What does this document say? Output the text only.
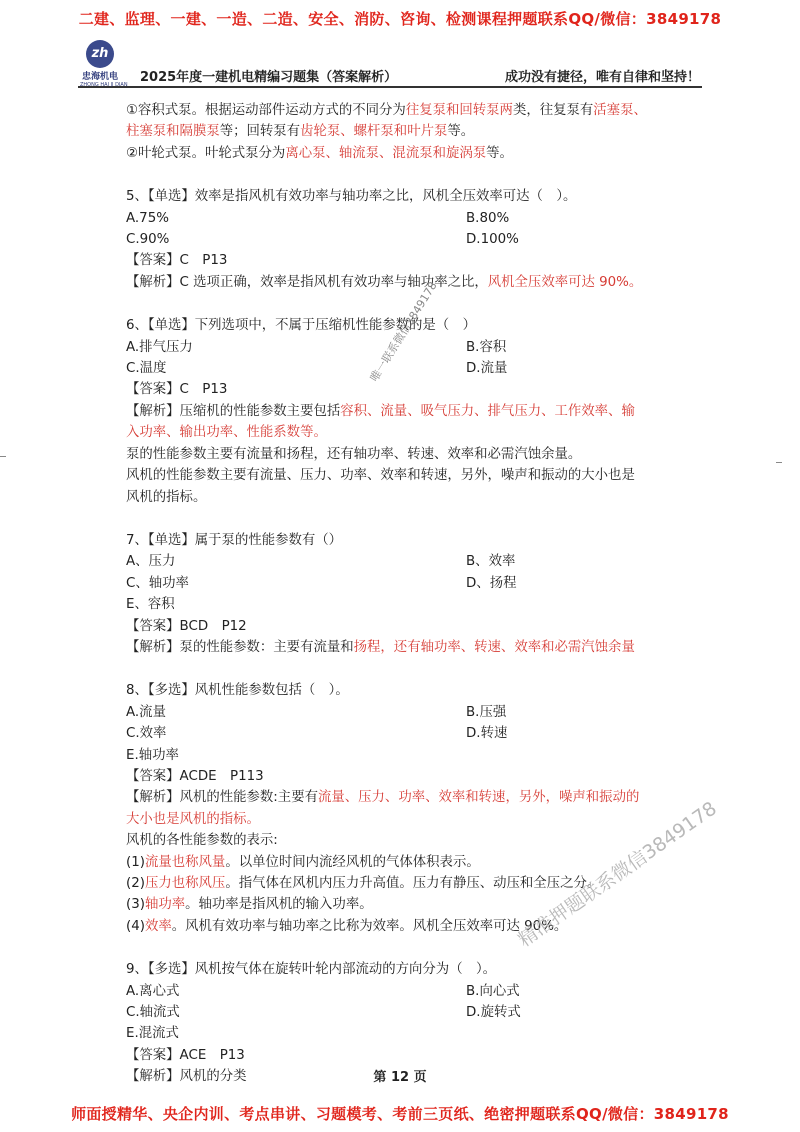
二建、监理、一建、一造、二造、安全、消防、咨询、检测课程押题联系QQ/微信：3849178
zh
忠海机电
ZHONG HAI JI DIAN 2025年度一建机电精编习题集（答案解析）	成功没有捷径，唯有自律和坚持！

①容积式泵。根据运动部件运动方式的不同分为往复泵和回转泵两类，往复泵有活塞泵、

柱塞泵和隔膜泵等；回转泵有齿轮泵、螺杆泵和叶片泵等。

②叶轮式泵。叶轮式泵分为离心泵、轴流泵、混流泵和旋涡泵等。

5、【单选】效率是指风机有效功率与轴功率之比，风机全压效率可达（　）。

A.75%	B.80%
C.90%	D.100%

【答案】C　P13

【解析】C 选项正确，效率是指风机有效功率与轴功率之比，风机全压效率可达 90%。

6、【单选】下列选项中，不属于压缩机性能参数的是（　）

A.排气压力	B.容积
C.温度	D.流量

【答案】C　P13

【解析】压缩机的性能参数主要包括容积、流量、吸气压力、排气压力、工作效率、输

入功率、输出功率、性能系数等。

泵的性能参数主要有流量和扬程，还有轴功率、转速、效率和必需汽蚀余量。

风机的性能参数主要有流量、压力、功率、效率和转速，另外，噪声和振动的大小也是

风机的指标。

7、【单选】属于泵的性能参数有（）

A、压力	B、效率
C、轴功率	D、扬程
E、容积

【答案】BCD　P12

【解析】泵的性能参数：主要有流量和扬程，还有轴功率、转速、效率和必需汽蚀余量

8、【多选】风机性能参数包括（　）。

A.流量	B.压强
C.效率	D.转速
E.轴功率

【答案】ACDE　P113

【解析】风机的性能参数:主要有流量、压力、功率、效率和转速，另外，噪声和振动的

大小也是风机的指标。

风机的各性能参数的表示:

(1)流量也称风量。以单位时间内流经风机的气体体积表示。

(2)压力也称风压。指气体在风机内压力升高值。压力有静压、动压和全压之分。

(3)轴功率。轴功率是指风机的输入功率。

(4)效率。风机有效功率与轴功率之比称为效率。风机全压效率可达 90%。

9、【多选】风机按气体在旋转叶轮内部流动的方向分为（　）。

A.离心式	B.向心式
C.轴流式	D.旋转式
E.混流式

【答案】ACE　P13

【解析】风机的分类

唯一联系微信3849178
精准押题联系微信3849178
第 12 页
师面授精华、央企内训、考点串讲、习题模考、考前三页纸、绝密押题联系QQ/微信：3849178
